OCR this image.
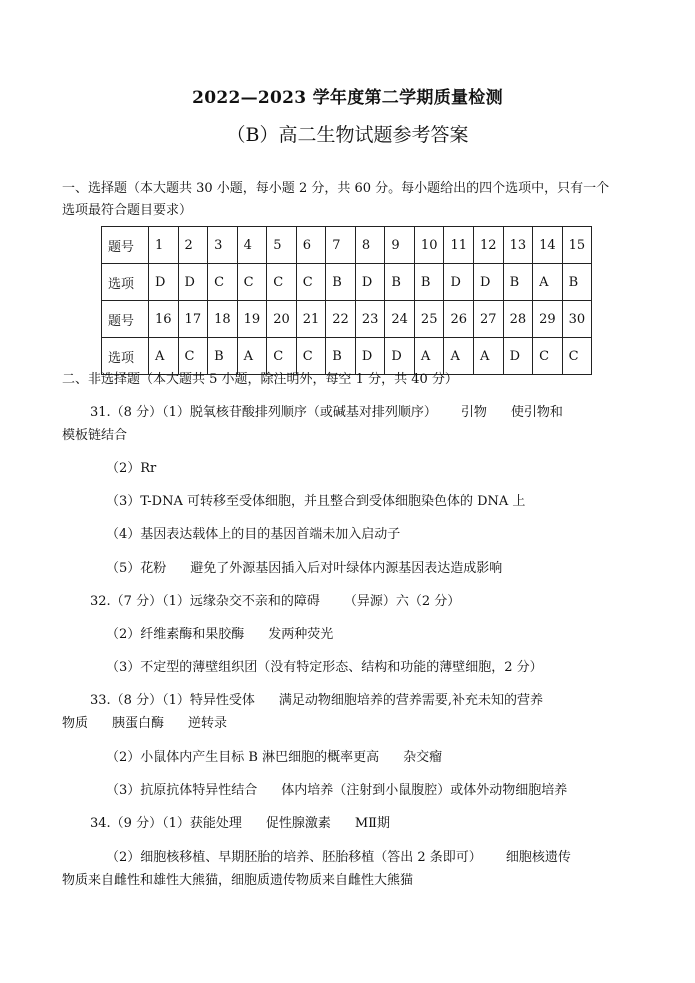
2022—2023 学年度第二学期质量检测
（B）高二生物试题参考答案
一、选择题（本大题共 30 小题，每小题 2 分，共 60 分。每小题给出的四个选项中，只有一个选项最符合题目要求）
题号	1	2	3	4	5	6	7	8	9	10	11	12	13	14	15
选项	D	D	C	C	C	C	B	D	B	B	D	D	B	A	B
题号	16	17	18	19	20	21	22	23	24	25	26	27	28	29	30
选项	A	C	B	A	C	C	B	D	D	A	A	A	D	C	C
二、非选择题（本大题共 5 小题，除注明外，每空 1 分，共 40 分）
31.（8 分）（1）脱氧核苷酸排列顺序（或碱基对排列顺序） 引物 使引物和
模板链结合
（2）Rr
（3）T-DNA 可转移至受体细胞，并且整合到受体细胞染色体的 DNA 上
（4）基因表达载体上的目的基因首端未加入启动子
（5）花粉 避免了外源基因插入后对叶绿体内源基因表达造成影响
32.（7 分）（1）远缘杂交不亲和的障碍 （异源）六（2 分）
（2）纤维素酶和果胶酶 发两种荧光
（3）不定型的薄壁组织团（没有特定形态、结构和功能的薄壁细胞，2 分）
33.（8 分）（1）特异性受体 满足动物细胞培养的营养需要,补充未知的营养
物质 胰蛋白酶 逆转录
（2）小鼠体内产生目标 B 淋巴细胞的概率更高 杂交瘤
（3）抗原抗体特异性结合 体内培养（注射到小鼠腹腔）或体外动物细胞培养
34.（9 分）（1）获能处理 促性腺激素 MⅡ期
（2）细胞核移植、早期胚胎的培养、胚胎移植（答出 2 条即可） 细胞核遗传
物质来自雌性和雄性大熊猫，细胞质遗传物质来自雌性大熊猫
